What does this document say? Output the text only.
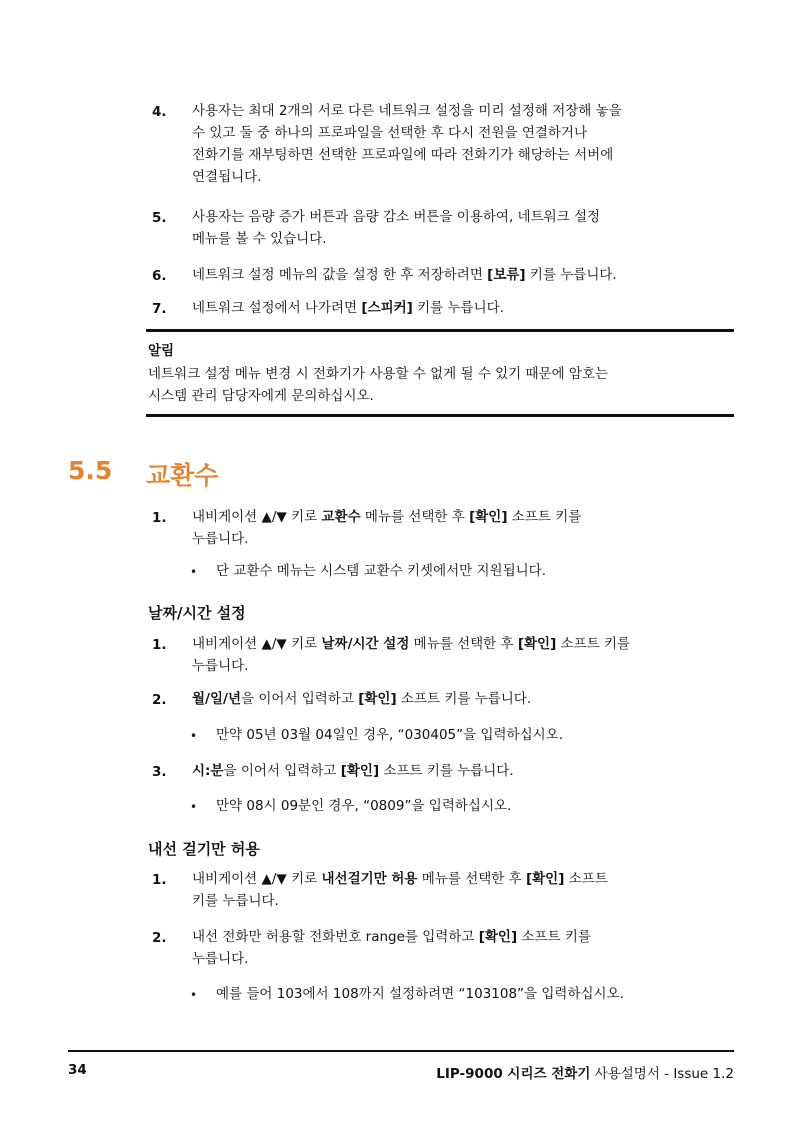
4. 사용자는 최대 2개의 서로 다른 네트워크 설정을 미리 설정해 저장해 놓을
수 있고 둘 중 하나의 프로파일을 선택한 후 다시 전원을 연결하거나
전화기를 재부팅하면 선택한 프로파일에 따라 전화기가 해당하는 서버에
연결됩니다.
5. 사용자는 음량 증가 버튼과 음량 감소 버튼을 이용하여, 네트워크 설정
메뉴를 볼 수 있습니다.
6. 네트워크 설정 메뉴의 값을 설정 한 후 저장하려면 [보류] 키를 누릅니다.
7. 네트워크 설정에서 나가려면 [스피커] 키를 누릅니다.
알림
네트워크 설정 메뉴 변경 시 전화기가 사용할 수 없게 될 수 있기 때문에 암호는
시스템 관리 담당자에게 문의하십시오.
5.5 교환수
1. 내비게이션 ▲/▼ 키로 교환수 메뉴를 선택한 후 [확인] 소프트 키를
누릅니다.
• 단 교환수 메뉴는 시스템 교환수 키셋에서만 지원됩니다.
날짜/시간 설정
1. 내비게이션 ▲/▼ 키로 날짜/시간 설정 메뉴를 선택한 후 [확인] 소프트 키를
누릅니다.
2. 월/일/년을 이어서 입력하고 [확인] 소프트 키를 누릅니다.
• 만약 05년 03월 04일인 경우, “030405”을 입력하십시오.
3. 시:분을 이어서 입력하고 [확인] 소프트 키를 누릅니다.
• 만약 08시 09분인 경우, “0809”을 입력하십시오.
내선 걸기만 허용
1. 내비게이션 ▲/▼ 키로 내선걸기만 허용 메뉴를 선택한 후 [확인] 소프트
키를 누릅니다.
2. 내선 전화만 허용할 전화번호 range를 입력하고 [확인] 소프트 키를
누릅니다.
• 예를 들어 103에서 108까지 설정하려면 “103108”을 입력하십시오.
34	LIP-9000 시리즈 전화기 사용설명서 - Issue 1.2
